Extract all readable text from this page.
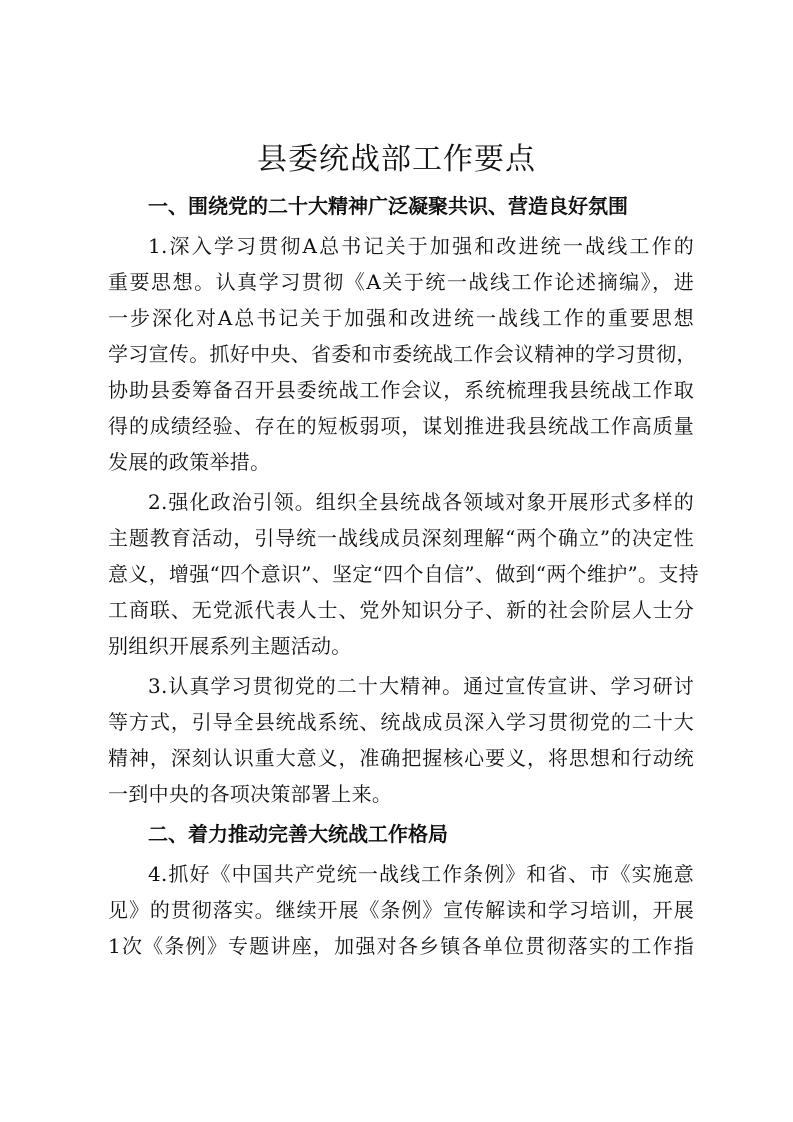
县委统战部工作要点
一、围绕党的二十大精神广泛凝聚共识、营造良好氛围
1.深入学习贯彻A总书记关于加强和改进统一战线工作的
重要思想。认真学习贯彻《A关于统一战线工作论述摘编》，进
一步深化对A总书记关于加强和改进统一战线工作的重要思想
学习宣传。抓好中央、省委和市委统战工作会议精神的学习贯彻，
协助县委筹备召开县委统战工作会议，系统梳理我县统战工作取
得的成绩经验、存在的短板弱项，谋划推进我县统战工作高质量
发展的政策举措。
2.强化政治引领。组织全县统战各领域对象开展形式多样的
主题教育活动，引导统一战线成员深刻理解“两个确立”的决定性
意义，增强“四个意识”、坚定“四个自信”、做到“两个维护”。支持
工商联、无党派代表人士、党外知识分子、新的社会阶层人士分
别组织开展系列主题活动。
3.认真学习贯彻党的二十大精神。通过宣传宣讲、学习研讨
等方式，引导全县统战系统、统战成员深入学习贯彻党的二十大
精神，深刻认识重大意义，准确把握核心要义，将思想和行动统
一到中央的各项决策部署上来。
二、着力推动完善大统战工作格局
4.抓好《中国共产党统一战线工作条例》和省、市《实施意
见》的贯彻落实。继续开展《条例》宣传解读和学习培训，开展
1次《条例》专题讲座，加强对各乡镇各单位贯彻落实的工作指
